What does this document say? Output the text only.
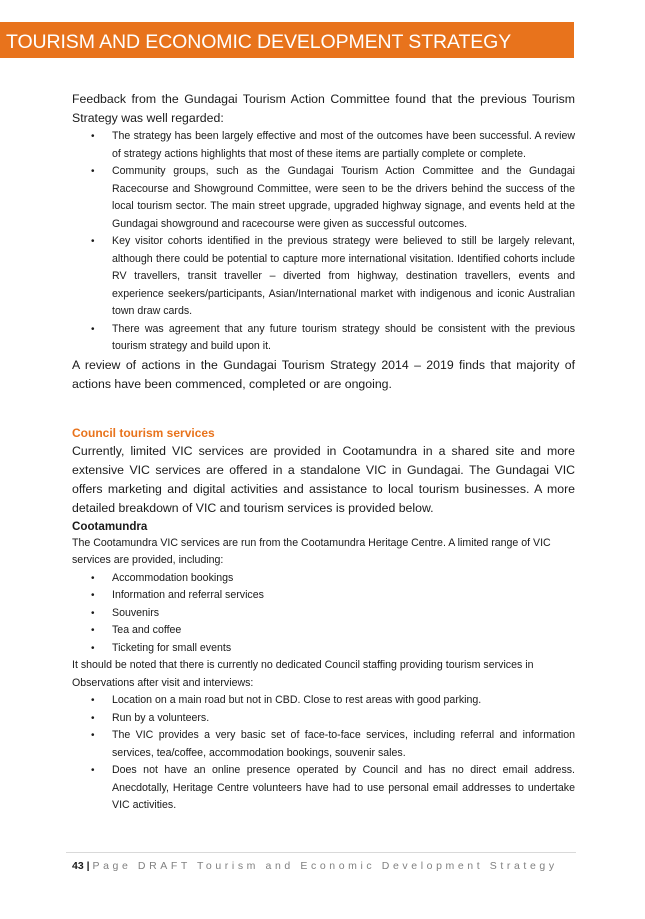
TOURISM AND ECONOMIC DEVELOPMENT STRATEGY

Feedback from the Gundagai Tourism Action Committee found that the previous Tourism Strategy was well regarded:

• The strategy has been largely effective and most of the outcomes have been successful. A review of strategy actions highlights that most of these items are partially complete or complete.
• Community groups, such as the Gundagai Tourism Action Committee and the Gundagai Racecourse and Showground Committee, were seen to be the drivers behind the success of the local tourism sector. The main street upgrade, upgraded highway signage, and events held at the Gundagai showground and racecourse were given as successful outcomes.
• Key visitor cohorts identified in the previous strategy were believed to still be largely relevant, although there could be potential to capture more international visitation. Identified cohorts include RV travellers, transit traveller – diverted from highway, destination travellers, events and experience seekers/participants, Asian/International market with indigenous and iconic Australian town draw cards.
• There was agreement that any future tourism strategy should be consistent with the previous tourism strategy and build upon it.

A review of actions in the Gundagai Tourism Strategy 2014 – 2019 finds that majority of actions have been commenced, completed or are ongoing.

Council tourism services

Currently, limited VIC services are provided in Cootamundra in a shared site and more extensive VIC services are offered in a standalone VIC in Gundagai. The Gundagai VIC offers marketing and digital activities and assistance to local tourism businesses. A more detailed breakdown of VIC and tourism services is provided below.

Cootamundra

The Cootamundra VIC services are run from the Cootamundra Heritage Centre. A limited range of VIC services are provided, including:

• Accommodation bookings
• Information and referral services
• Souvenirs
• Tea and coffee
• Ticketing for small events

It should be noted that there is currently no dedicated Council staffing providing tourism services in

Observations after visit and interviews:

• Location on a main road but not in CBD. Close to rest areas with good parking.
• Run by a volunteers.
• The VIC provides a very basic set of face-to-face services, including referral and information services, tea/coffee, accommodation bookings, souvenir sales.
• Does not have an online presence operated by Council and has no direct email address. Anecdotally, Heritage Centre volunteers have had to use personal email addresses to undertake VIC activities.
43 | Page DRAFT Tourism and Economic Development Strategy
